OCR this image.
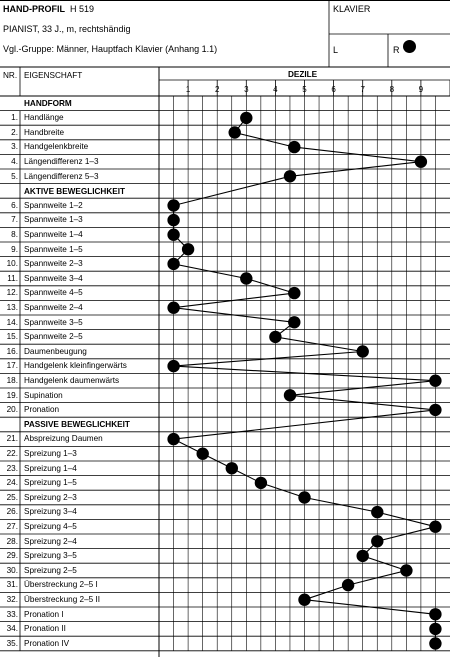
HAND-PROFIL H 519
PIANIST, 33 J., m, rechtshändig
Vgl.-Gruppe: Männer, Hauptfach Klavier (Anhang 1.1)
KLAVIER
L	R
NR. EIGENSCHAFT	DEZILE
1	2	3	4	5	6	7	8	9
HANDFORM
1. Handlänge
2. Handbreite
3. Handgelenkbreite
4. Längendifferenz 1–3
5. Längendifferenz 5–3
AKTIVE BEWEGLICHKEIT
6. Spannweite 1–2
7. Spannweite 1–3
8. Spannweite 1–4
9. Spannweite 1–5
10. Spannweite 2–3
11. Spannweite 3–4
12. Spannweite 4–5
13. Spannweite 2–4
14. Spannweite 3–5
15. Spannweite 2–5
16. Daumenbeugung
17. Handgelenk kleinfingerwärts
18. Handgelenk daumenwärts
19. Supination
20. Pronation
PASSIVE BEWEGLICHKEIT
21. Abspreizung Daumen
22. Spreizung 1–3
23. Spreizung 1–4
24. Spreizung 1–5
25. Spreizung 2–3
26. Spreizung 3–4
27. Spreizung 4–5
28. Spreizung 2–4
29. Spreizung 3–5
30. Spreizung 2–5
31. Überstreckung 2–5 I
32. Überstreckung 2–5 II
33. Pronation I
34. Pronation II
35. Pronation IV
